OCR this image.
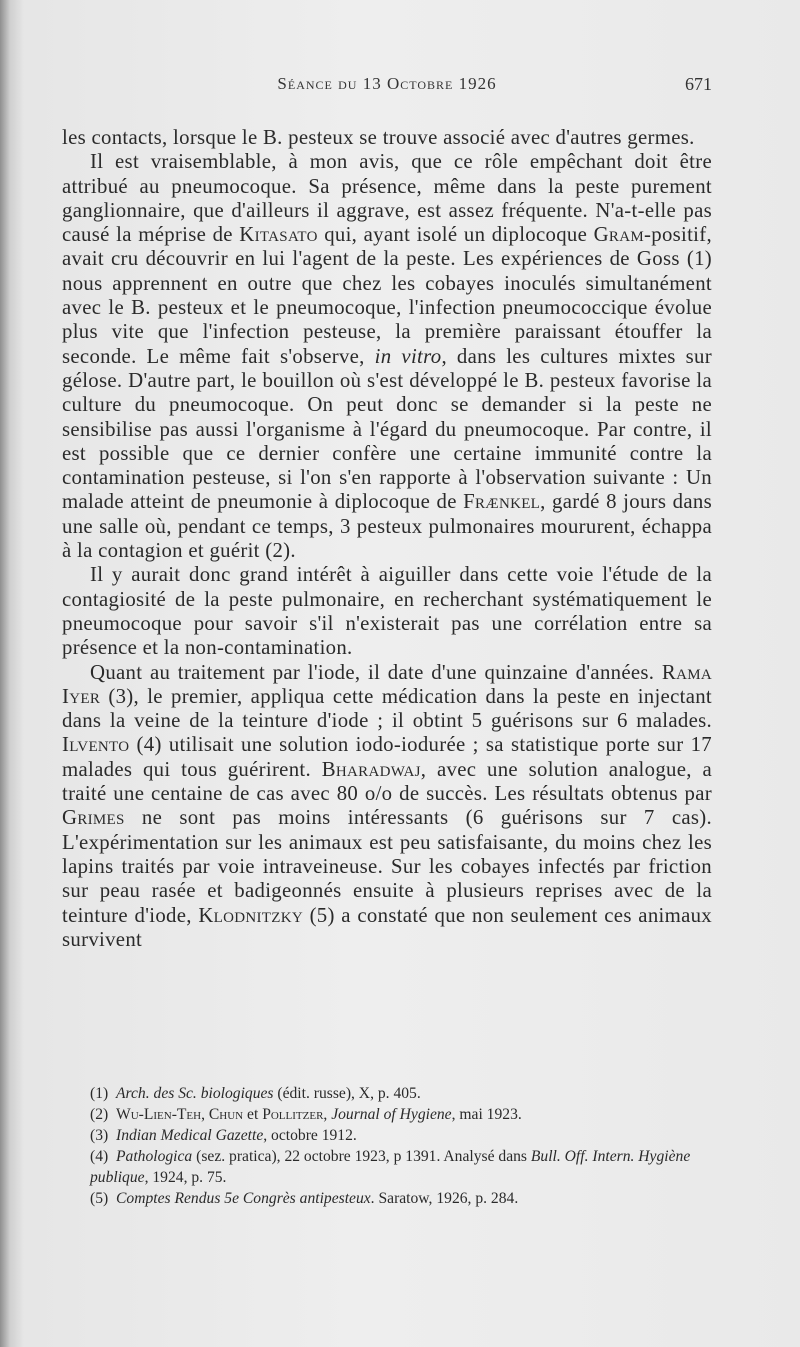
Séance du 13 Octobre 1926	671

les contacts, lorsque le B. pesteux se trouve associé avec d'autres germes.

Il est vraisemblable, à mon avis, que ce rôle empêchant doit être attribué au pneumocoque. Sa présence, même dans la peste purement ganglionnaire, que d'ailleurs il aggrave, est assez fréquente. N'a-t-elle pas causé la méprise de Kitasato qui, ayant isolé un diplocoque Gram-positif, avait cru découvrir en lui l'agent de la peste. Les expériences de Goss (1) nous apprennent en outre que chez les cobayes inoculés simultanément avec le B. pesteux et le pneumocoque, l'infection pneumococcique évolue plus vite que l'infection pesteuse, la première paraissant étouffer la seconde. Le même fait s'observe, in vitro, dans les cultures mixtes sur gélose. D'autre part, le bouillon où s'est développé le B. pesteux favorise la culture du pneumocoque. On peut donc se demander si la peste ne sensibilise pas aussi l'organisme à l'égard du pneumocoque. Par contre, il est possible que ce dernier confère une certaine immunité contre la contamination pesteuse, si l'on s'en rapporte à l'observation suivante : Un malade atteint de pneumonie à diplocoque de Frænkel, gardé 8 jours dans une salle où, pendant ce temps, 3 pesteux pulmonaires moururent, échappa à la contagion et guérit (2).

Il y aurait donc grand intérêt à aiguiller dans cette voie l'étude de la contagiosité de la peste pulmonaire, en recherchant systématiquement le pneumocoque pour savoir s'il n'existerait pas une corrélation entre sa présence et la non-contamination.

Quant au traitement par l'iode, il date d'une quinzaine d'années. Rama Iyer (3), le premier, appliqua cette médication dans la peste en injectant dans la veine de la teinture d'iode ; il obtint 5 guérisons sur 6 malades. Ilvento (4) utilisait une solution iodo-iodurée ; sa statistique porte sur 17 malades qui tous guérirent. Bharadwaj, avec une solution analogue, a traité une centaine de cas avec 80 o/o de succès. Les résultats obtenus par Grimes ne sont pas moins intéressants (6 guérisons sur 7 cas). L'expérimentation sur les animaux est peu satisfaisante, du moins chez les lapins traités par voie intraveineuse. Sur les cobayes infectés par friction sur peau rasée et badigeonnés ensuite à plusieurs reprises avec de la teinture d'iode, Klodnitzky (5) a constaté que non seulement ces animaux survivent

(1) Arch. des Sc. biologiques (édit. russe), X, p. 405.

(2) Wu-Lien-Teh, Chun et Pollitzer, Journal of Hygiene, mai 1923.

(3) Indian Medical Gazette, octobre 1912.

(4) Pathologica (sez. pratica), 22 octobre 1923, p 1391. Analysé dans Bull. Off. Intern. Hygiène publique, 1924, p. 75.

(5) Comptes Rendus 5e Congrès antipesteux. Saratow, 1926, p. 284.
